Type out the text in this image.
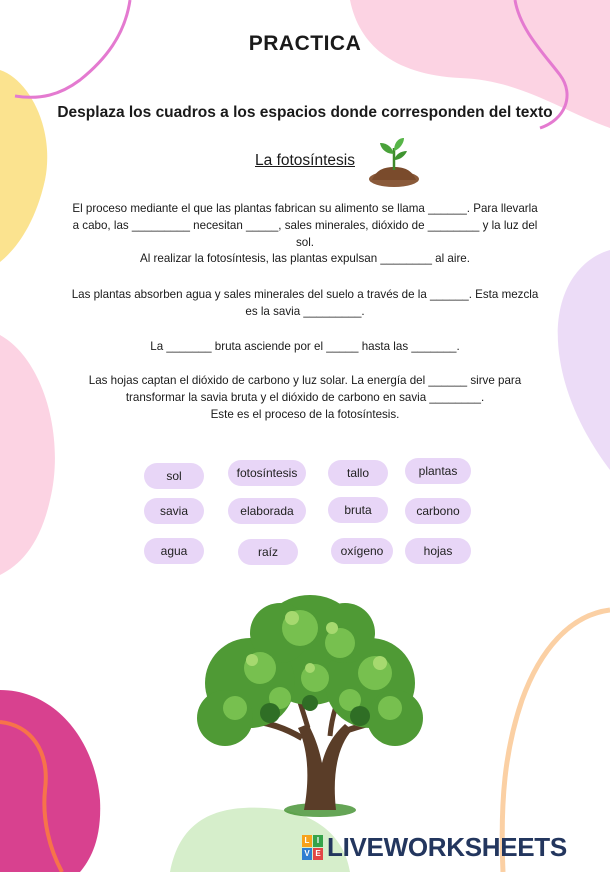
PRACTICA
Desplaza los cuadros a los espacios donde corresponden del texto
La fotosíntesis
El proceso mediante el que las plantas fabrican su alimento se llama ______. Para llevarla
a cabo, las _________ necesitan _____, sales minerales, dióxido de ________ y la luz del
sol.
Al realizar la fotosíntesis, las plantas expulsan ________ al aire.
Las plantas absorben agua y sales minerales del suelo a través de la ______. Esta mezcla
es la savia _________.
La _______ bruta asciende por el _____ hasta las _______.
Las hojas captan el dióxido de carbono y luz solar. La energía del ______ sirve para
transformar la savia bruta y el dióxido de carbono en savia ________.
Este es el proceso de la fotosíntesis.
sol	fotosíntesis	tallo	plantas
savia	elaborada	bruta	carbono
agua	raíz	oxígeno	hojas
L I
V E LIVEWORKSHEETS
